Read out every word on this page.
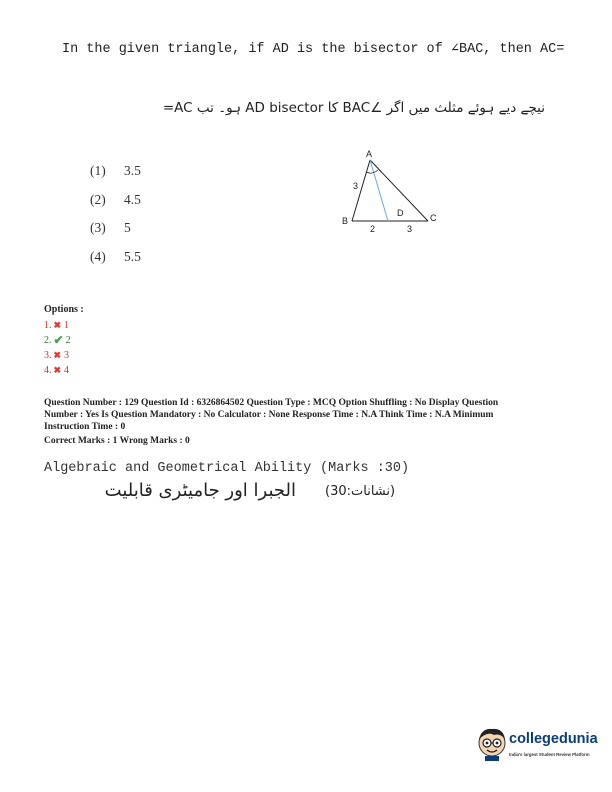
In the given triangle, if AD is the bisector of ∠BAC, then AC=
نیچے دیے ہوئے مثلث میں اگر ∠BAC کا AD bisector ہو۔ تب AC=
(1)	3.5
(2)	4.5
(3)	5
(4)	5.5
A
B	C
D
3
2	3
Options :
1. ✖ 1
2. ✔ 2
3. ✖ 3
4. ✖ 4
Question Number : 129 Question Id : 6326864502 Question Type : MCQ Option Shuffling : No Display Question
Number : Yes Is Question Mandatory : No Calculator : None Response Time : N.A Think Time : N.A Minimum
Instruction Time : 0
Correct Marks : 1 Wrong Marks : 0
Algebraic and Geometrical Ability (Marks :30)
الجبرا اور جامیٹری قابلیت (نشانات:30)
collegedunia
India's largest Student Review Platform
